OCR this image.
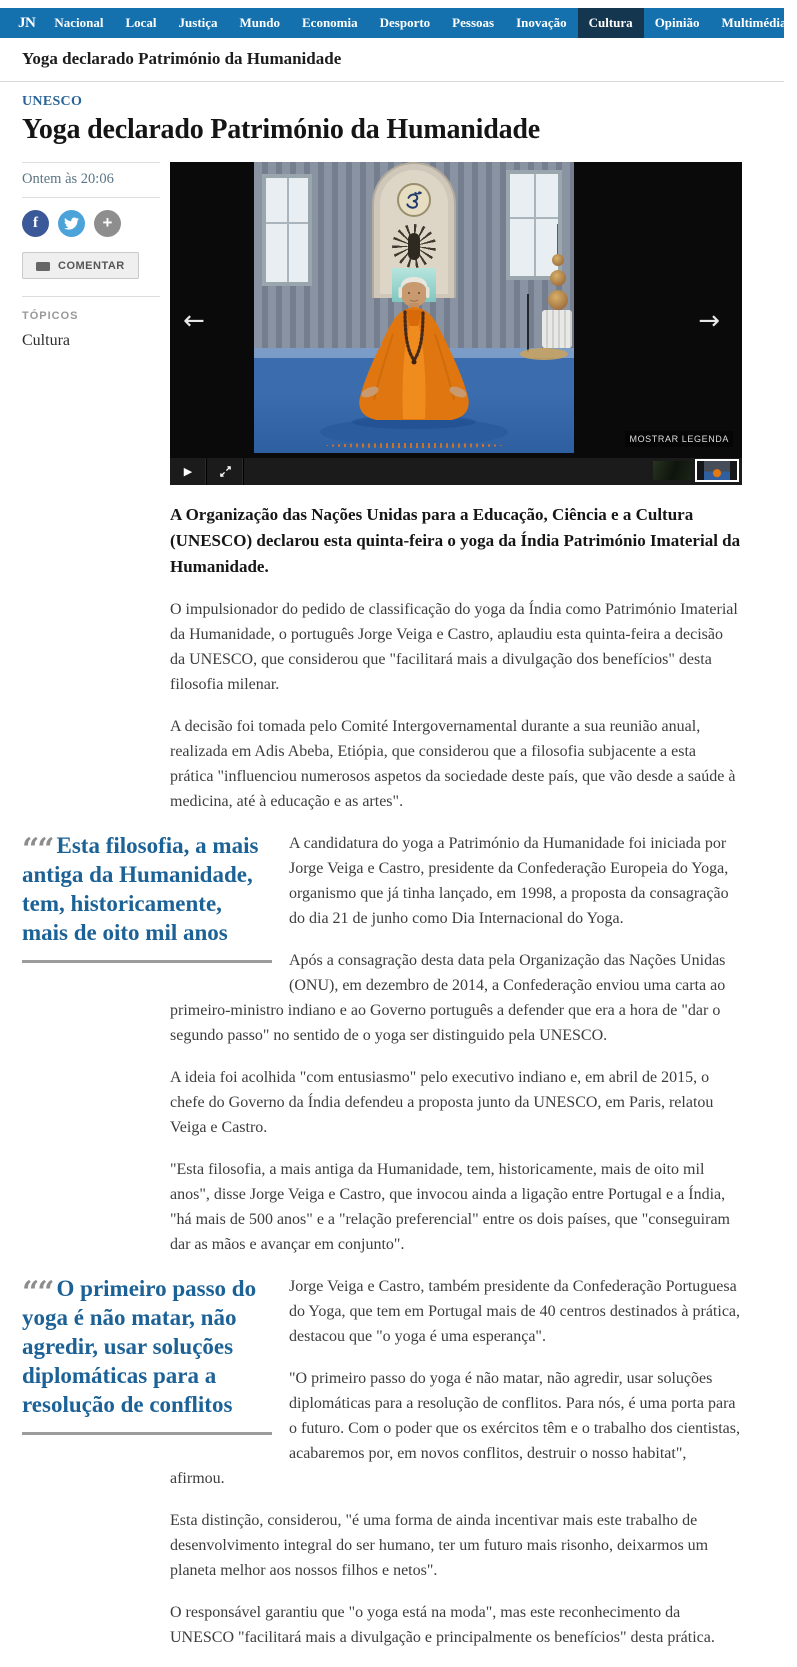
JN	Nacional	Local	Justiça	Mundo	Economia	Desporto	Pessoas	Inovação	Cultura	Opinião	Multimédia
Yoga declarado Património da Humanidade
UNESCO
Yoga declarado Património da Humanidade
Ontem às 20:06
f	+
COMENTAR
TÓPICOS
Cultura
←	→
MOSTRAR LEGENDA
▶

A Organização das Nações Unidas para a Educação, Ciência e a Cultura (UNESCO) declarou esta quinta-feira o yoga da Índia Património Imaterial da Humanidade.

O impulsionador do pedido de classificação do yoga da Índia como Património Imaterial da Humanidade, o português Jorge Veiga e Castro, aplaudiu esta quinta-feira a decisão da UNESCO, que considerou que "facilitará mais a divulgação dos benefícios" desta filosofia milenar.

A decisão foi tomada pelo Comité Intergovernamental durante a sua reunião anual, realizada em Adis Abeba, Etiópia, que considerou que a filosofia subjacente a esta prática "influenciou numerosos aspetos da sociedade deste país, que vão desde a saúde à medicina, até à educação e as artes".

““ Esta filosofia, a mais antiga da Humanidade, tem, historicamente, mais de oito mil anos

A candidatura do yoga a Património da Humanidade foi iniciada por Jorge Veiga e Castro, presidente da Confederação Europeia do Yoga, organismo que já tinha lançado, em 1998, a proposta da consagração do dia 21 de junho como Dia Internacional do Yoga.

Após a consagração desta data pela Organização das Nações Unidas (ONU), em dezembro de 2014, a Confederação enviou uma carta ao primeiro-ministro indiano e ao Governo português a defender que era a hora de "dar o segundo passo" no sentido de o yoga ser distinguido pela UNESCO.

A ideia foi acolhida "com entusiasmo" pelo executivo indiano e, em abril de 2015, o chefe do Governo da Índia defendeu a proposta junto da UNESCO, em Paris, relatou Veiga e Castro.

"Esta filosofia, a mais antiga da Humanidade, tem, historicamente, mais de oito mil anos", disse Jorge Veiga e Castro, que invocou ainda a ligação entre Portugal e a Índia, "há mais de 500 anos" e a "relação preferencial" entre os dois países, que "conseguiram dar as mãos e avançar em conjunto".

““ O primeiro passo do yoga é não matar, não agredir, usar soluções diplomáticas para a resolução de conflitos

Jorge Veiga e Castro, também presidente da Confederação Portuguesa do Yoga, que tem em Portugal mais de 40 centros destinados à prática, destacou que "o yoga é uma esperança".

"O primeiro passo do yoga é não matar, não agredir, usar soluções diplomáticas para a resolução de conflitos. Para nós, é uma porta para o futuro. Com o poder que os exércitos têm e o trabalho dos cientistas, acabaremos por, em novos conflitos, destruir o nosso habitat", afirmou.

Esta distinção, considerou, "é uma forma de ainda incentivar mais este trabalho de desenvolvimento integral do ser humano, ter um futuro mais risonho, deixarmos um planeta melhor aos nossos filhos e netos".

O responsável garantiu que "o yoga está na moda", mas este reconhecimento da UNESCO "facilitará mais a divulgação e principalmente os benefícios" desta prática.
